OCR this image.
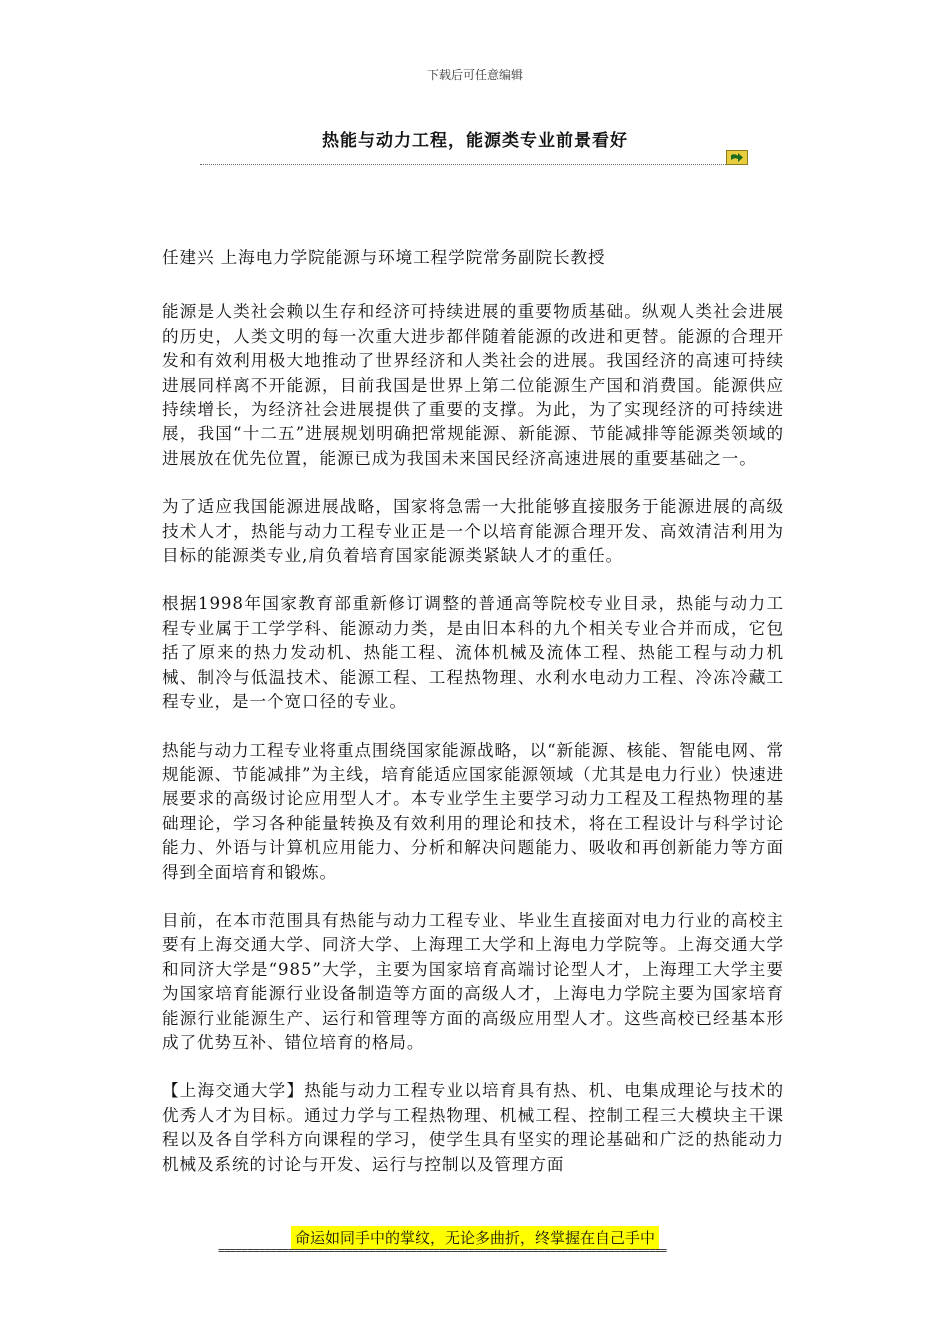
下载后可任意编辑
热能与动力工程，能源类专业前景看好

任建兴 上海电力学院能源与环境工程学院常务副院长教授

能源是人类社会赖以生存和经济可持续进展的重要物质基础。纵观人类社会进展的历史，人类文明的每一次重大进步都伴随着能源的改进和更替。能源的合理开发和有效利用极大地推动了世界经济和人类社会的进展。我国经济的高速可持续进展同样离不开能源，目前我国是世界上第二位能源生产国和消费国。能源供应持续增长，为经济社会进展提供了重要的支撑。为此，为了实现经济的可持续进展，我国“十二五”进展规划明确把常规能源、新能源、节能减排等能源类领域的进展放在优先位置，能源已成为我国未来国民经济高速进展的重要基础之一。

为了适应我国能源进展战略，国家将急需一大批能够直接服务于能源进展的高级技术人才，热能与动力工程专业正是一个以培育能源合理开发、高效清洁利用为目标的能源类专业,肩负着培育国家能源类紧缺人才的重任。

根据1998年国家教育部重新修订调整的普通高等院校专业目录，热能与动力工程专业属于工学学科、能源动力类，是由旧本科的九个相关专业合并而成，它包括了原来的热力发动机、热能工程、流体机械及流体工程、热能工程与动力机械、制冷与低温技术、能源工程、工程热物理、水利水电动力工程、冷冻冷藏工程专业，是一个宽口径的专业。

热能与动力工程专业将重点围绕国家能源战略，以“新能源、核能、智能电网、常规能源、节能减排”为主线，培育能适应国家能源领域（尤其是电力行业）快速进展要求的高级讨论应用型人才。本专业学生主要学习动力工程及工程热物理的基础理论，学习各种能量转换及有效利用的理论和技术，将在工程设计与科学讨论能力、外语与计算机应用能力、分析和解决问题能力、吸收和再创新能力等方面得到全面培育和锻炼。

目前，在本市范围具有热能与动力工程专业、毕业生直接面对电力行业的高校主要有上海交通大学、同济大学、上海理工大学和上海电力学院等。上海交通大学和同济大学是“985”大学，主要为国家培育高端讨论型人才，上海理工大学主要为国家培育能源行业设备制造等方面的高级人才，上海电力学院主要为国家培育能源行业能源生产、运行和管理等方面的高级应用型人才。这些高校已经基本形成了优势互补、错位培育的格局。

【上海交通大学】热能与动力工程专业以培育具有热、机、电集成理论与技术的优秀人才为目标。通过力学与工程热物理、机械工程、控制工程三大模块主干课程以及各自学科方向课程的学习，使学生具有坚实的理论基础和广泛的热能动力机械及系统的讨论与开发、运行与控制以及管理方面

命运如同手中的掌纹，无论多曲折，终掌握在自己手中
=============================================================================
